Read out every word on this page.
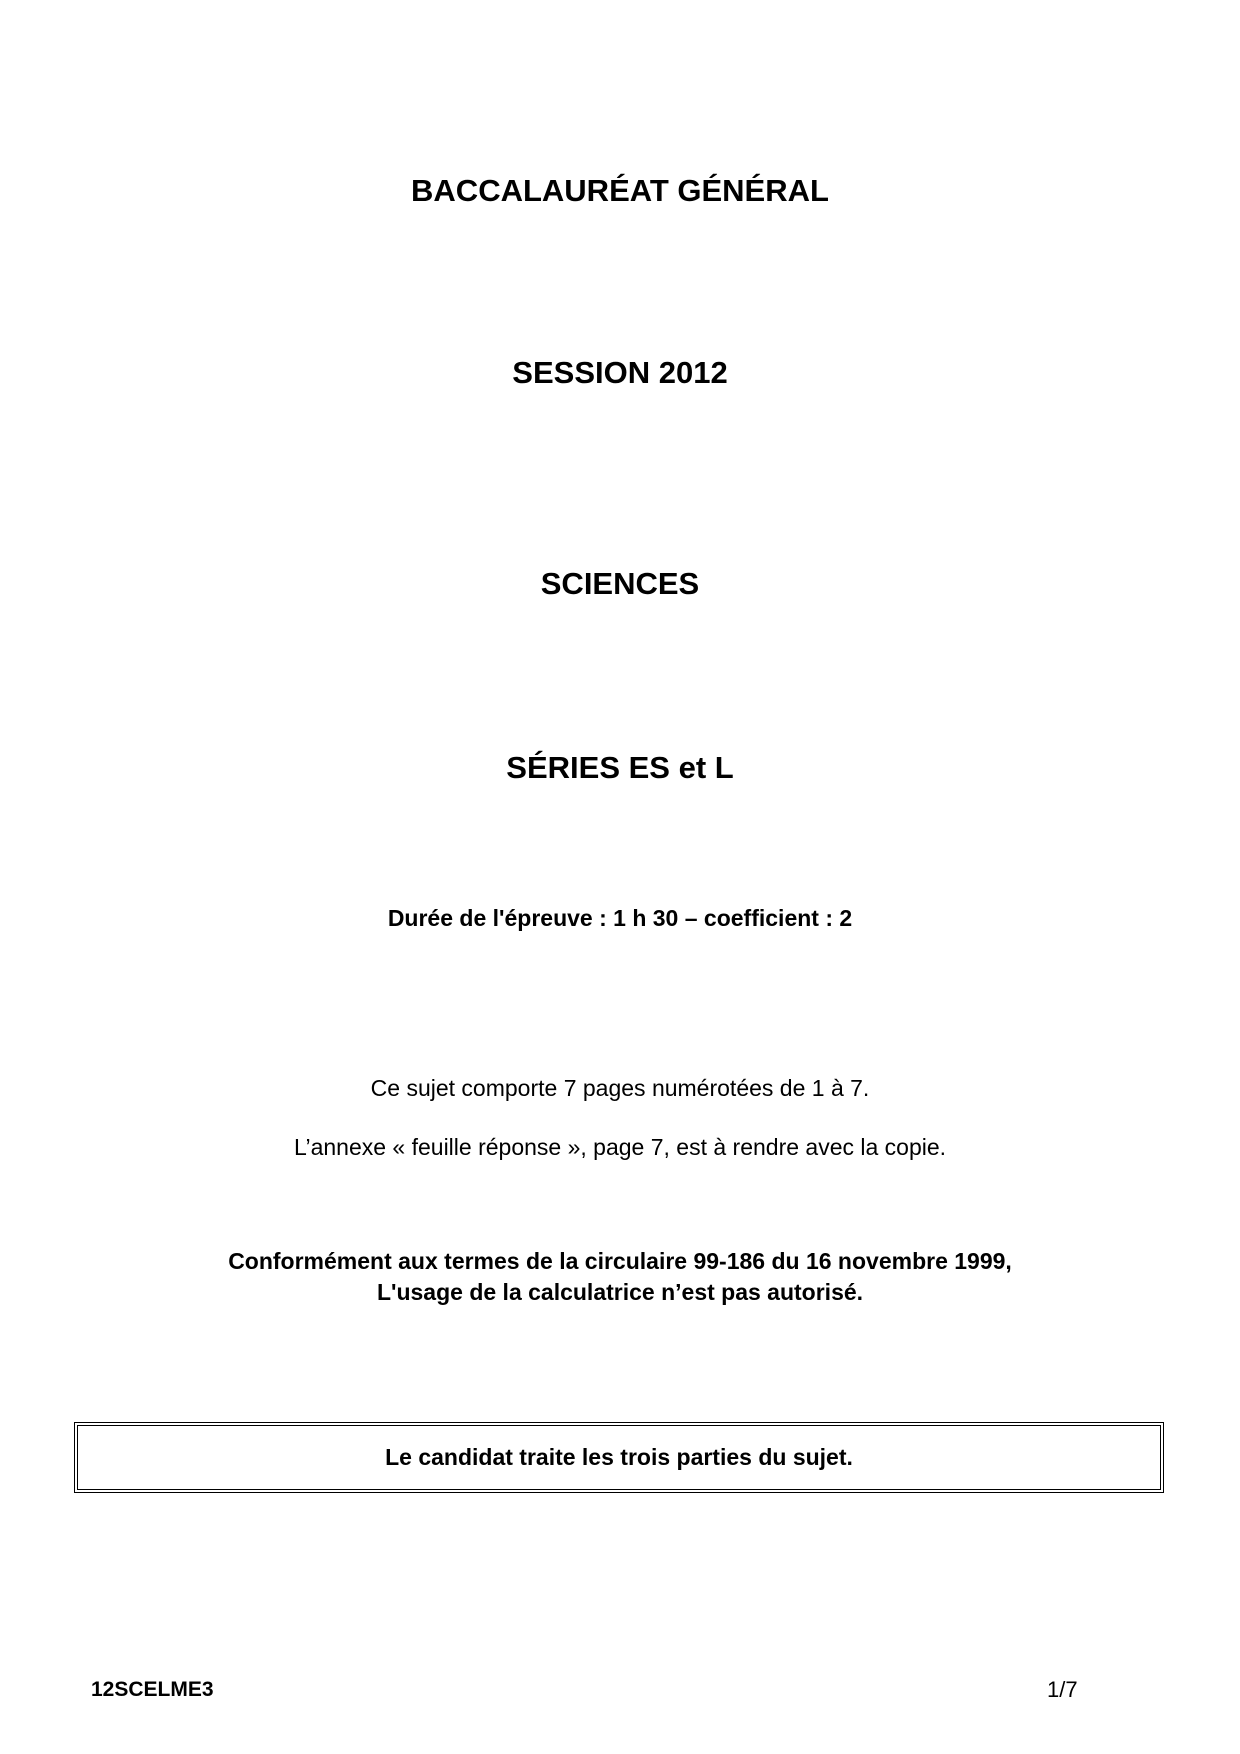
BACCALAURÉAT GÉNÉRAL
SESSION 2012
SCIENCES
SÉRIES ES et L
Durée de l'épreuve : 1 h 30 – coefficient : 2
Ce sujet comporte 7 pages numérotées de 1 à 7.
L’annexe « feuille réponse », page 7, est à rendre avec la copie.
Conformément aux termes de la circulaire 99-186 du 16 novembre 1999,
L'usage de la calculatrice n’est pas autorisé.
Le candidat traite les trois parties du sujet.
12SCELME3	1/7
